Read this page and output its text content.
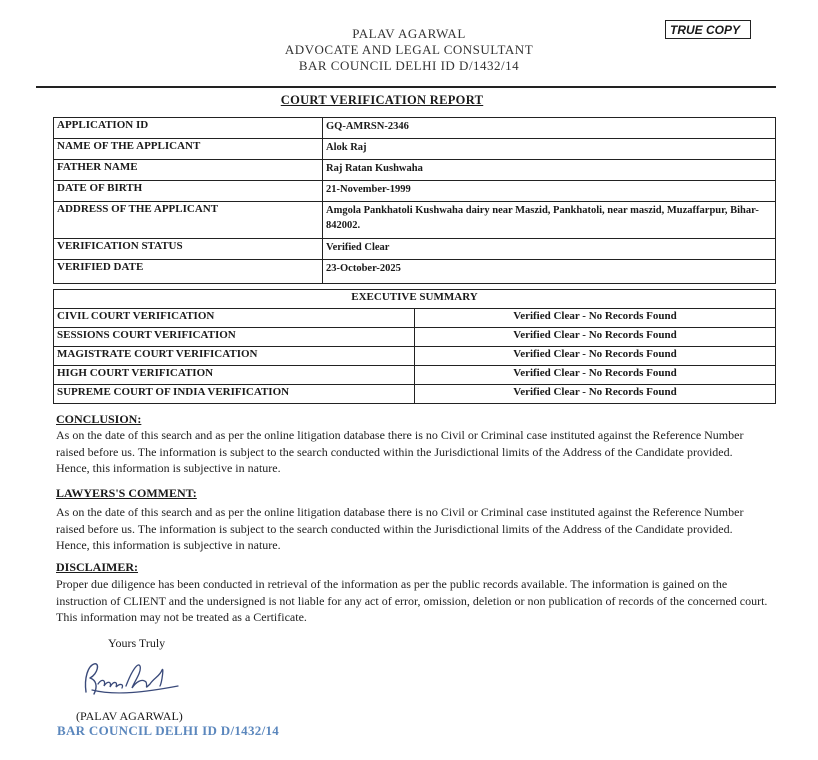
PALAV AGARWAL
ADVOCATE AND LEGAL CONSULTANT
BAR COUNCIL DELHI ID D/1432/14
TRUE COPY
COURT VERIFICATION REPORT
APPLICATION ID	GQ-AMRSN-2346
NAME OF THE APPLICANT	Alok Raj
FATHER NAME	Raj Ratan Kushwaha
DATE OF BIRTH	21-November-1999
ADDRESS OF THE APPLICANT	Amgola Pankhatoli Kushwaha dairy near Maszid, Pankhatoli, near maszid, Muzaffarpur, Bihar-842002.
VERIFICATION STATUS	Verified Clear
VERIFIED DATE	23-October-2025
EXECUTIVE SUMMARY	
CIVIL COURT VERIFICATION	Verified Clear - No Records Found
SESSIONS COURT VERIFICATION	Verified Clear - No Records Found
MAGISTRATE COURT VERIFICATION	Verified Clear - No Records Found
HIGH COURT VERIFICATION	Verified Clear - No Records Found
SUPREME COURT OF INDIA VERIFICATION	Verified Clear - No Records Found
CONCLUSION:
As on the date of this search and as per the online litigation database there is no Civil or Criminal case instituted against the Reference Number raised before us. The information is subject to the search conducted within the Jurisdictional limits of the Address of the Candidate provided. Hence, this information is subjective in nature.
LAWYERS'S COMMENT:
As on the date of this search and as per the online litigation database there is no Civil or Criminal case instituted against the Reference Number raised before us. The information is subject to the search conducted within the Jurisdictional limits of the Address of the Candidate provided. Hence, this information is subjective in nature.
DISCLAIMER:
Proper due diligence has been conducted in retrieval of the information as per the public records available. The information is gained on the instruction of CLIENT and the undersigned is not liable for any act of error, omission, deletion or non publication of records of the concerned court. This information may not be treated as a Certificate.
Yours Truly
(PALAV AGARWAL)
BAR COUNCIL DELHI ID D/1432/14
